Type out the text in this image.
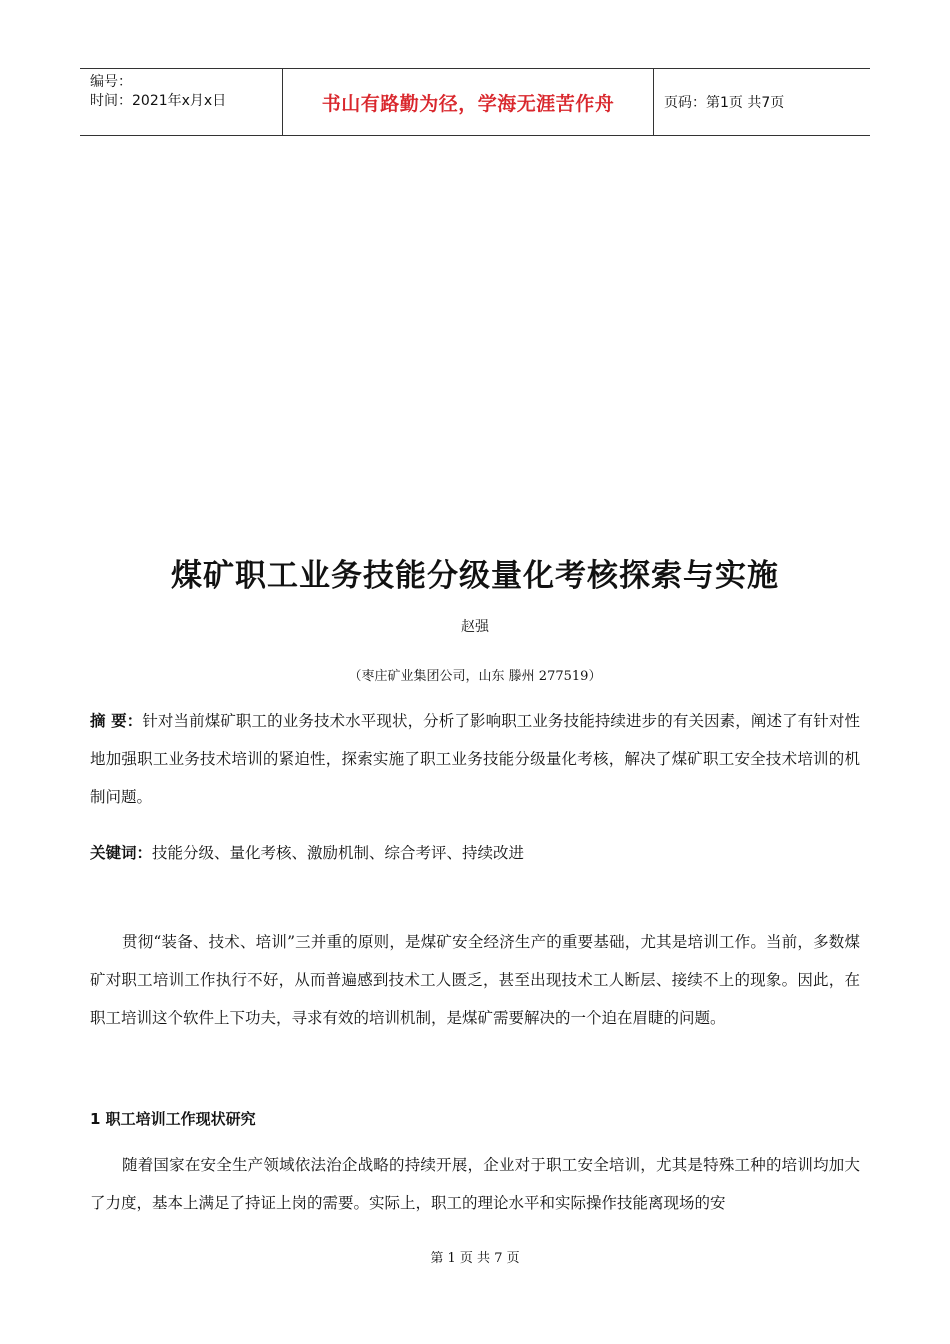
编号：
时间：2021年x月x日	书山有路勤为径，学海无涯苦作舟	页码：第1页 共7页
煤矿职工业务技能分级量化考核探索与实施
赵强
（枣庄矿业集团公司，山东 滕州 277519）

摘 要：针对当前煤矿职工的业务技术水平现状，分析了影响职工业务技能持续进步的有关因素，阐述了有针对性地加强职工业务技术培训的紧迫性，探索实施了职工业务技能分级量化考核，解决了煤矿职工安全技术培训的机制问题。

关键词：技能分级、量化考核、激励机制、综合考评、持续改进

贯彻“装备、技术、培训”三并重的原则，是煤矿安全经济生产的重要基础，尤其是培训工作。当前，多数煤矿对职工培训工作执行不好，从而普遍感到技术工人匮乏，甚至出现技术工人断层、接续不上的现象。因此，在职工培训这个软件上下功夫，寻求有效的培训机制，是煤矿需要解决的一个迫在眉睫的问题。

1 职工培训工作现状研究

随着国家在安全生产领域依法治企战略的持续开展，企业对于职工安全培训，尤其是特殊工种的培训均加大了力度，基本上满足了持证上岗的需要。实际上，职工的理论水平和实际操作技能离现场的安

第 1 页 共 7 页
